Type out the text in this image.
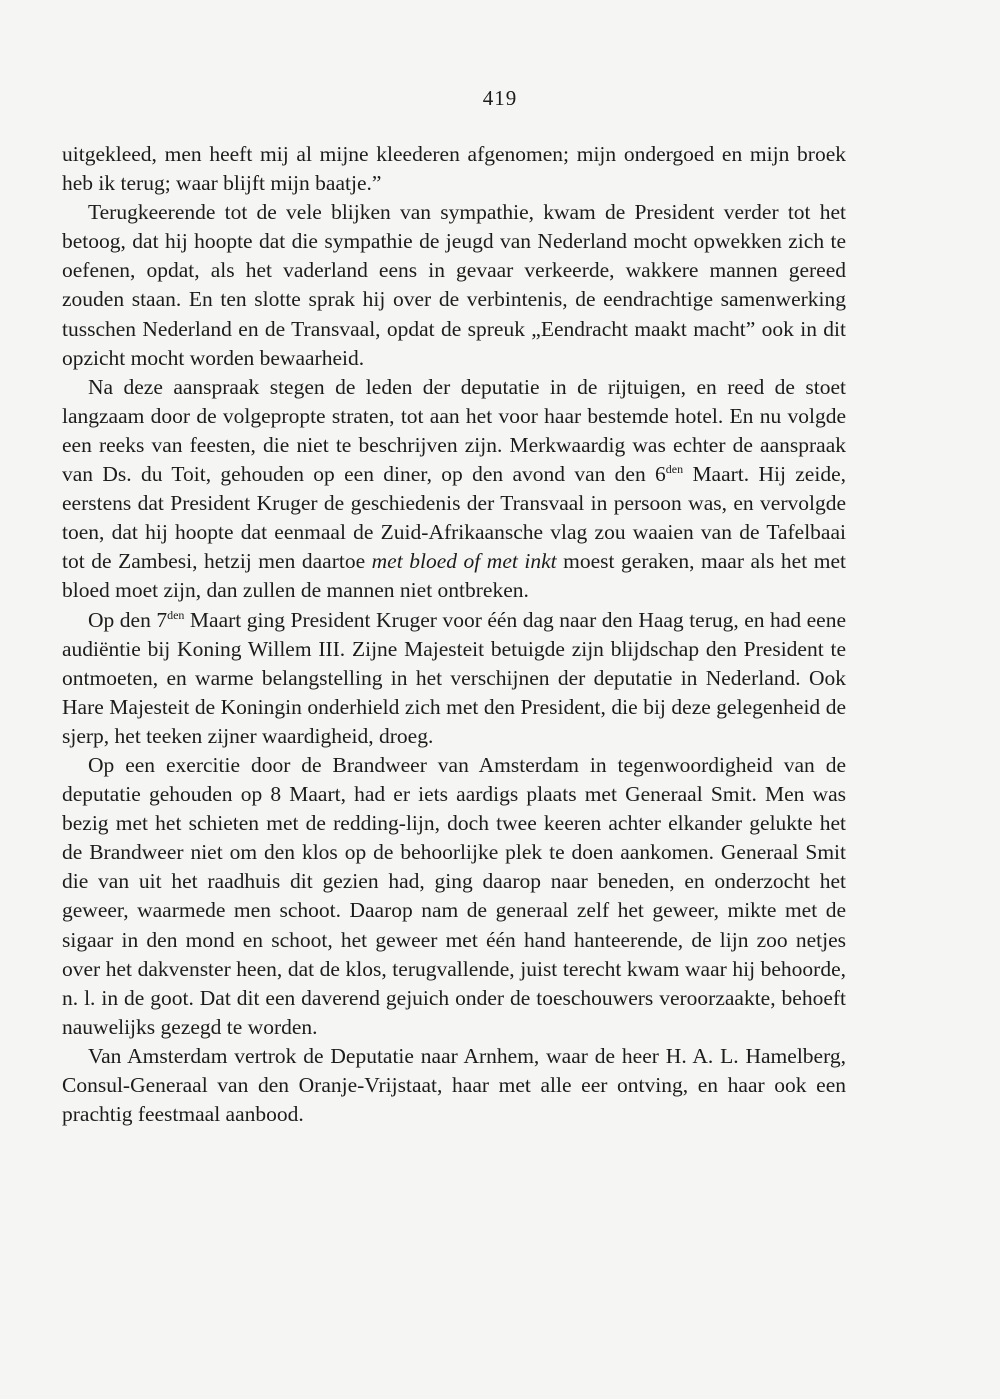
419

uitgekleed, men heeft mij al mijne kleederen afgenomen; mijn ondergoed en mijn broek heb ik terug; waar blijft mijn baatje.”

Terugkeerende tot de vele blijken van sympathie, kwam de President verder tot het betoog, dat hij hoopte dat die sympathie de jeugd van Nederland mocht opwekken zich te oefenen, opdat, als het vaderland eens in gevaar verkeerde, wakkere mannen gereed zouden staan. En ten slotte sprak hij over de verbintenis, de eendrachtige samenwerking tusschen Nederland en de Transvaal, opdat de spreuk „Eendracht maakt macht” ook in dit opzicht mocht worden bewaarheid.

Na deze aanspraak stegen de leden der deputatie in de rijtuigen, en reed de stoet langzaam door de volgepropte straten, tot aan het voor haar bestemde hotel. En nu volgde een reeks van feesten, die niet te beschrijven zijn. Merkwaardig was echter de aanspraak van Ds. du Toit, gehouden op een diner, op den avond van den $6^{den}$ Maart. Hij zeide, eerstens dat President Kruger de geschiedenis der Transvaal in persoon was, en vervolgde toen, dat hij hoopte dat eenmaal de Zuid-Afrikaansche vlag zou waaien van de Tafelbaai tot de Zambesi, hetzij men daartoe met bloed of met inkt moest geraken, maar als het met bloed moet zijn, dan zullen de mannen niet ontbreken.

Op den $7^{den}$ Maart ging President Kruger voor één dag naar den Haag terug, en had eene audiëntie bij Koning Willem III. Zijne Majesteit betuigde zijn blijdschap den President te ontmoeten, en warme belangstelling in het verschijnen der deputatie in Nederland. Ook Hare Majesteit de Koningin onderhield zich met den President, die bij deze gelegenheid de sjerp, het teeken zijner waardigheid, droeg.

Op een exercitie door de Brandweer van Amsterdam in tegenwoordigheid van de deputatie gehouden op 8 Maart, had er iets aardigs plaats met Generaal Smit. Men was bezig met het schieten met de redding-lijn, doch twee keeren achter elkander gelukte het de Brandweer niet om den klos op de behoorlijke plek te doen aankomen. Generaal Smit die van uit het raadhuis dit gezien had, ging daarop naar beneden, en onderzocht het geweer, waarmede men schoot. Daarop nam de generaal zelf het geweer, mikte met de sigaar in den mond en schoot, het geweer met één hand hanteerende, de lijn zoo netjes over het dakvenster heen, dat de klos, terugvallende, juist terecht kwam waar hij behoorde, n. l. in de goot. Dat dit een daverend gejuich onder de toeschouwers veroorzaakte, behoeft nauwelijks gezegd te worden.

Van Amsterdam vertrok de Deputatie naar Arnhem, waar de heer H. A. L. Hamelberg, Consul-Generaal van den Oranje-Vrijstaat, haar met alle eer ontving, en haar ook een prachtig feestmaal aanbood.
